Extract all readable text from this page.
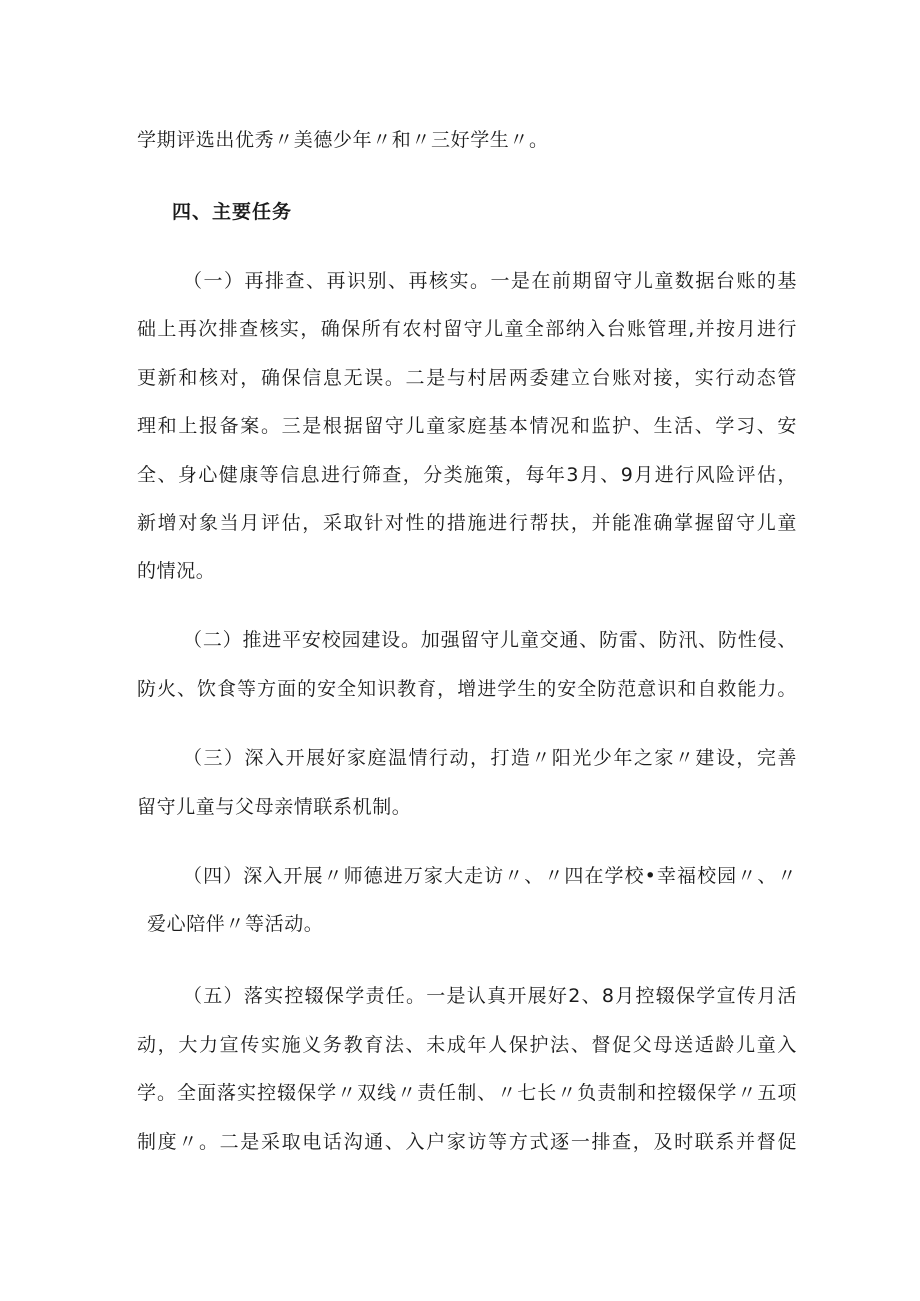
学期评选出优秀〃美德少年〃和〃三好学生〃。
四、主要任务
（一）再排查、再识别、再核实。一是在前期留守儿童数据台账的基
础上再次排查核实，确保所有农村留守儿童全部纳入台账管理,并按月进行
更新和核对，确保信息无误。二是与村居两委建立台账对接，实行动态管
理和上报备案。三是根据留守儿童家庭基本情况和监护、生活、学习、安
全、身心健康等信息进行筛查，分类施策，每年3月、9月进行风险评估，
新增对象当月评估，采取针对性的措施进行帮扶，并能准确掌握留守儿童
的情况。
（二）推进平安校园建设。加强留守儿童交通、防雷、防汛、防性侵、
防火、饮食等方面的安全知识教育，增进学生的安全防范意识和自救能力。
（三）深入开展好家庭温情行动，打造〃阳光少年之家〃建设，完善
留守儿童与父母亲情联系机制。
（四）深入开展〃师德进万家大走访〃、〃四在学校•幸福校园〃、〃
爱心陪伴〃等活动。
（五）落实控辍保学责任。一是认真开展好2、8月控辍保学宣传月活
动，大力宣传实施义务教育法、未成年人保护法、督促父母送适龄儿童入
学。全面落实控辍保学〃双线〃责任制、〃七长〃负责制和控辍保学〃五项
制度〃。二是采取电话沟通、入户家访等方式逐一排查，及时联系并督促
